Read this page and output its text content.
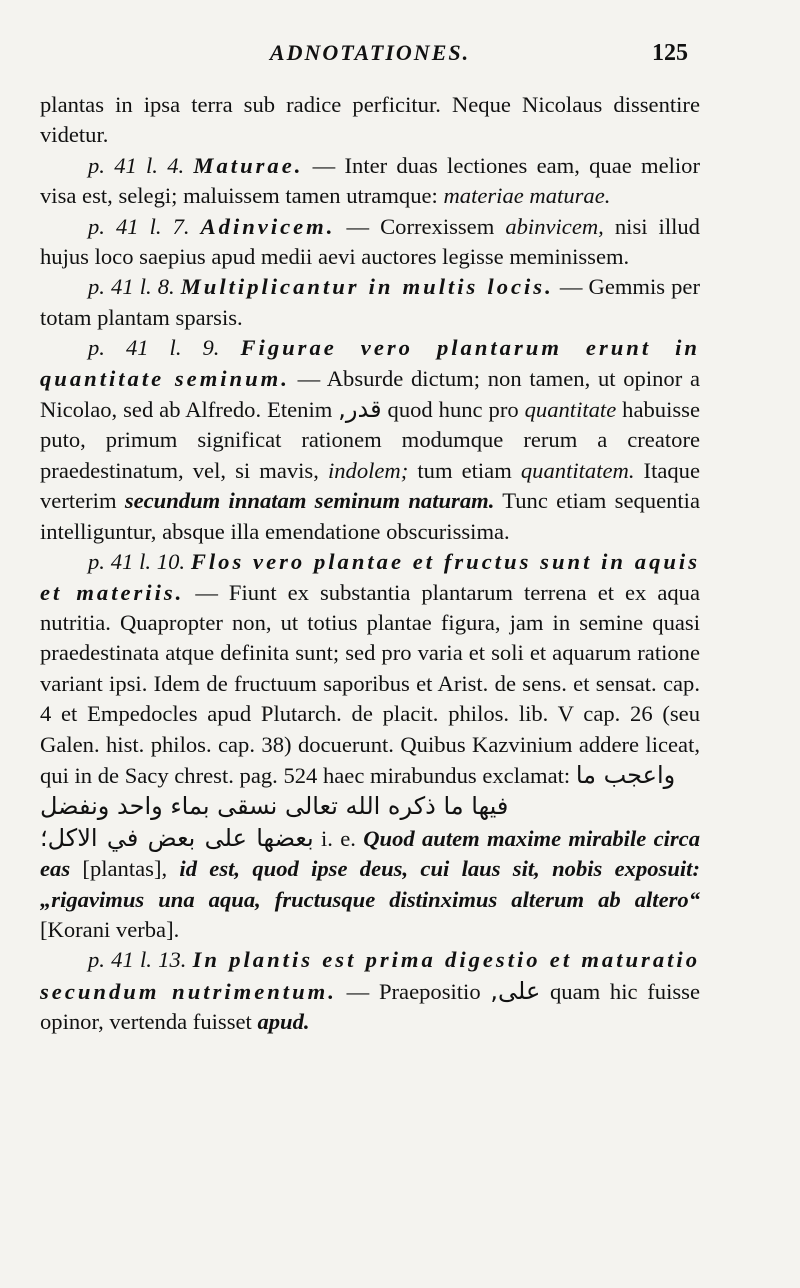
ADNOTATIONES.	125

plantas in ipsa terra sub radice perficitur. Neque Nicolaus dissentire videtur.

p. 41 l. 4. Maturae. — Inter duas lectiones eam, quae melior visa est, selegi; maluissem tamen utramque: materiae maturae.

p. 41 l. 7. Adinvicem. — Correxissem abinvicem, nisi illud hujus loco saepius apud medii aevi auctores legisse meminissem.

p. 41 l. 8. Multiplicantur in multis locis. — Gemmis per totam plantam sparsis.

p. 41 l. 9. Figurae vero plantarum erunt in quantitate seminum. — Absurde dictum; non tamen, ut opinor a Nicolao, sed ab Alfredo. Etenim قدر, quod hunc pro quantitate habuisse puto, primum significat rationem modumque rerum a creatore praedestinatum, vel, si mavis, indolem; tum etiam quantitatem. Itaque verterim secundum innatam seminum naturam. Tunc etiam sequentia intelliguntur, absque illa emendatione obscurissima.

p. 41 l. 10. Flos vero plantae et fructus sunt in aquis et materiis. — Fiunt ex substantia plantarum terrena et ex aqua nutritia. Quapropter non, ut totius plantae figura, jam in semine quasi praedestinata atque definita sunt; sed pro varia et soli et aquarum ratione variant ipsi. Idem de fructuum saporibus et Arist. de sens. et sensat. cap. 4 et Empedocles apud Plutarch. de placit. philos. lib. V cap. 26 (seu Galen. hist. philos. cap. 38) docuerunt. Quibus Kazvinium addere liceat, qui in de Sacy chrest. pag. 524 haec mirabundus exclamat: واعجب ما
فيها ما ذكره الله تعالى نسقى بماء واحد ونفضل
بعضها على بعض في الاكل؛ i. e. Quod autem maxime mirabile circa eas [plantas], id est, quod ipse deus, cui laus sit, nobis exposuit: „rigavimus una aqua, fructusque distinximus alterum ab altero“ [Korani verba].

p. 41 l. 13. In plantis est prima digestio et maturatio secundum nutrimentum. — Praepositio على, quam hic fuisse opinor, vertenda fuisset apud.
